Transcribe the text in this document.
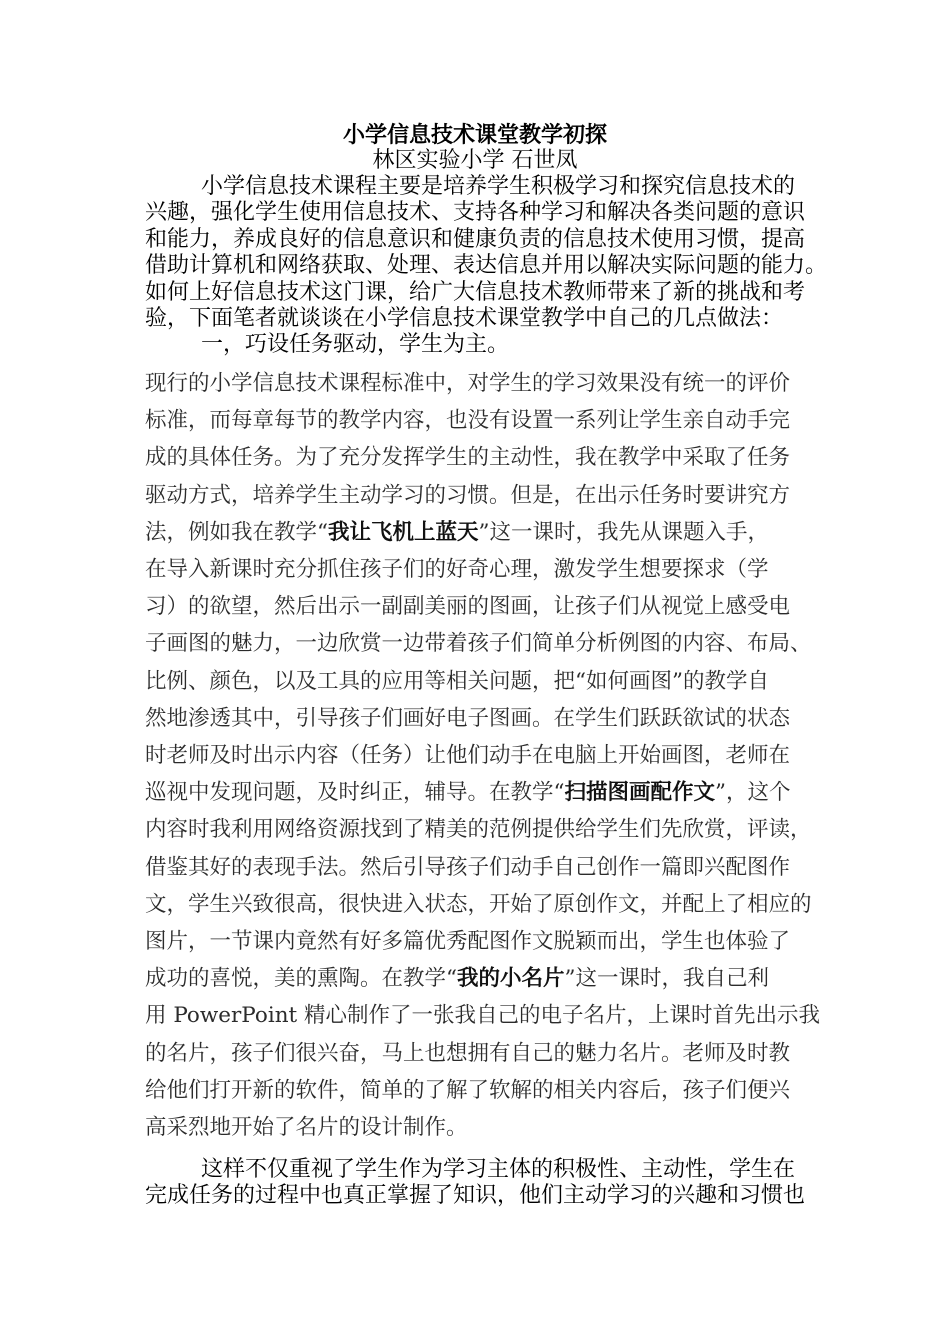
小学信息技术课堂教学初探
林区实验小学 石世凤
小学信息技术课程主要是培养学生积极学习和探究信息技术的
兴趣，强化学生使用信息技术、支持各种学习和解决各类问题的意识
和能力，养成良好的信息意识和健康负责的信息技术使用习惯，提高
借助计算机和网络获取、处理、表达信息并用以解决实际问题的能力。
如何上好信息技术这门课，给广大信息技术教师带来了新的挑战和考
验，下面笔者就谈谈在小学信息技术课堂教学中自己的几点做法：
一，巧设任务驱动，学生为主。
现行的小学信息技术课程标准中，对学生的学习效果没有统一的评价
标准，而每章每节的教学内容，也没有设置一系列让学生亲自动手完
成的具体任务。为了充分发挥学生的主动性，我在教学中采取了任务
驱动方式，培养学生主动学习的习惯。但是，在出示任务时要讲究方
法，例如我在教学“我让飞机上蓝天”这一课时，我先从课题入手，
在导入新课时充分抓住孩子们的好奇心理，激发学生想要探求（学
习）的欲望，然后出示一副副美丽的图画，让孩子们从视觉上感受电
子画图的魅力，一边欣赏一边带着孩子们简单分析例图的内容、布局、
比例、颜色，以及工具的应用等相关问题，把“如何画图”的教学自
然地渗透其中，引导孩子们画好电子图画。在学生们跃跃欲试的状态
时老师及时出示内容（任务）让他们动手在电脑上开始画图，老师在
巡视中发现问题，及时纠正，辅导。在教学“扫描图画配作文”，这个
内容时我利用网络资源找到了精美的范例提供给学生们先欣赏，评读，
借鉴其好的表现手法。然后引导孩子们动手自己创作一篇即兴配图作
文，学生兴致很高，很快进入状态，开始了原创作文，并配上了相应的
图片，一节课内竟然有好多篇优秀配图作文脱颖而出，学生也体验了
成功的喜悦，美的熏陶。在教学“我的小名片”这一课时，我自己利
用 PowerPoint 精心制作了一张我自己的电子名片，上课时首先出示我
的名片，孩子们很兴奋，马上也想拥有自己的魅力名片。老师及时教
给他们打开新的软件，简单的了解了软解的相关内容后，孩子们便兴
高采烈地开始了名片的设计制作。
这样不仅重视了学生作为学习主体的积极性、主动性，学生在
完成任务的过程中也真正掌握了知识，他们主动学习的兴趣和习惯也
